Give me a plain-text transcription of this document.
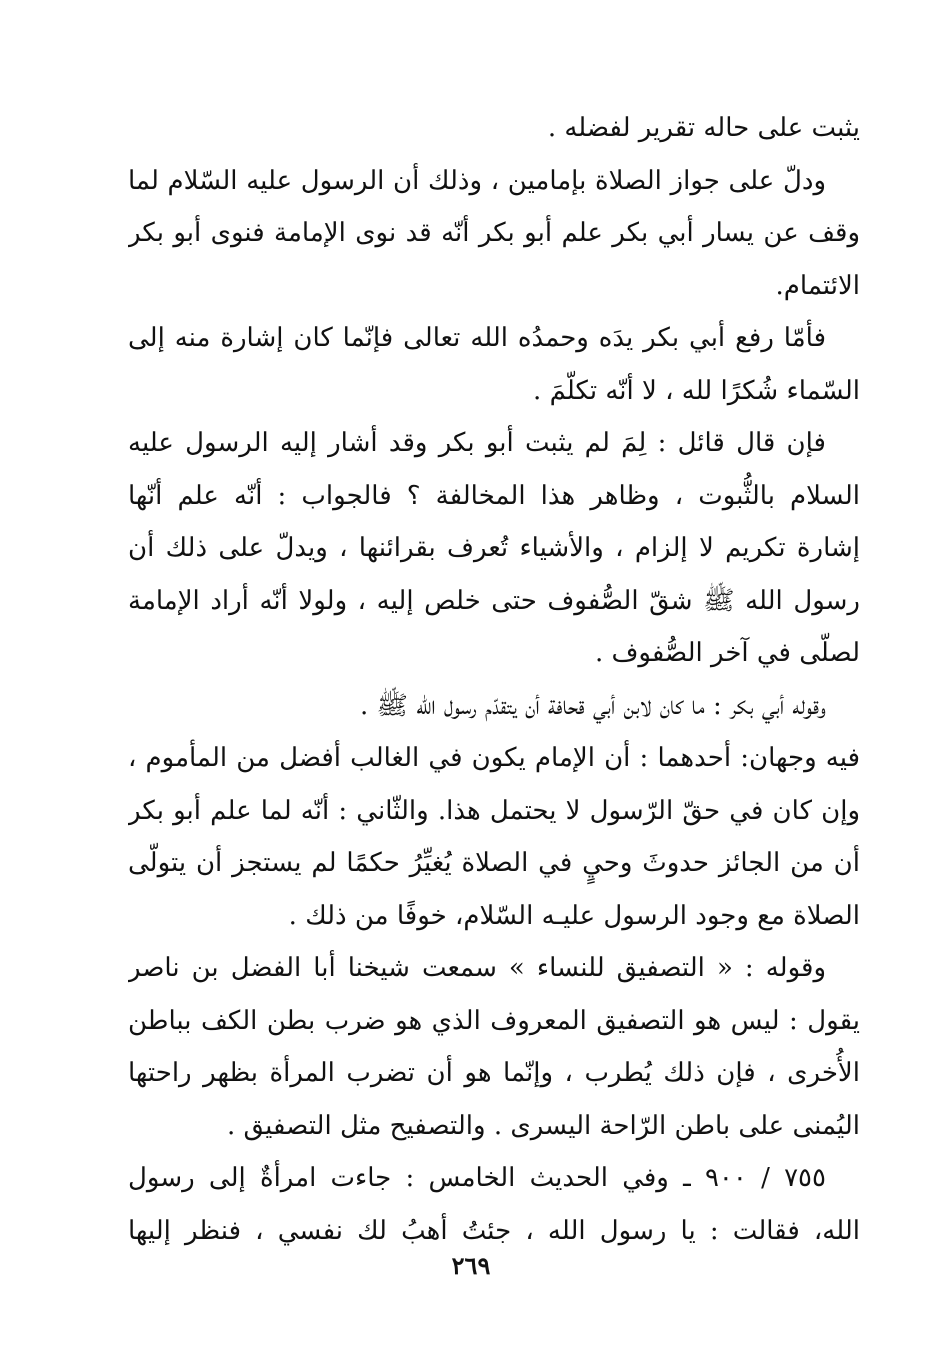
يثبت على حاله تقرير لفضله .
ودلّ على جواز الصلاة بإمامين ، وذلك أن الرسول عليه السّلام لما
وقف عن يسار أبي بكر علم أبو بكر أنّه قد نوى الإمامة فنوى أبو بكر
الائتمام.
فأمّا رفع أبي بكر يدَه وحمدُه الله تعالى فإنّما كان إشارة منه إلى
السّماء شُكرًا لله ، لا أنّه تكلّمَ .
فإن قال قائل : لِمَ لم يثبت أبو بكر وقد أشار إليه الرسول عليه
السلام بالثُّبوت ، وظاهر هذا المخالفة ؟ فالجواب : أنّه علم أنّها
إشارة تكريم لا إلزام ، والأشياء تُعرف بقرائنها ، ويدلّ على ذلك أن
رسول الله ﷺ شقّ الصُّفوف حتى خلص إليه ، ولولا أنّه أراد الإمامة
لصلّى في آخر الصُّفوف .
وقوله أبي بكر : ما كان لابن أبي قحافة أن يتقدّم رسول الله ﷺ .
فيه وجهان: أحدهما : أن الإمام يكون في الغالب أفضل من المأموم ،
وإن كان في حقّ الرّسول لا يحتمل هذا. والثّاني : أنّه لما علم أبو بكر
أن من الجائز حدوثَ وحيٍ في الصلاة يُغيِّرُ حكمًا لم يستجز أن يتولّى
الصلاة مع وجود الرسول عليـه السّلام، خوفًا من ذلك .
وقوله : « التصفيق للنساء » سمعت شيخنا أبا الفضل بن ناصر
يقول : ليس هو التصفيق المعروف الذي هو ضرب بطن الكف بباطن
الأُخرى ، فإن ذلك يُطرب ، وإنّما هو أن تضرب المرأة بظهر راحتها
اليُمنى على باطن الرّاحة اليسرى . والتصفيح مثل التصفيق .
٧٥٥ / ٩٠٠ ـ وفي الحديث الخامس : جاءت امرأةٌ إلى رسول
الله، فقالت : يا رسول الله ، جئتُ أهبُ لك نفسي ، فنظر إليها
٢٦٩
